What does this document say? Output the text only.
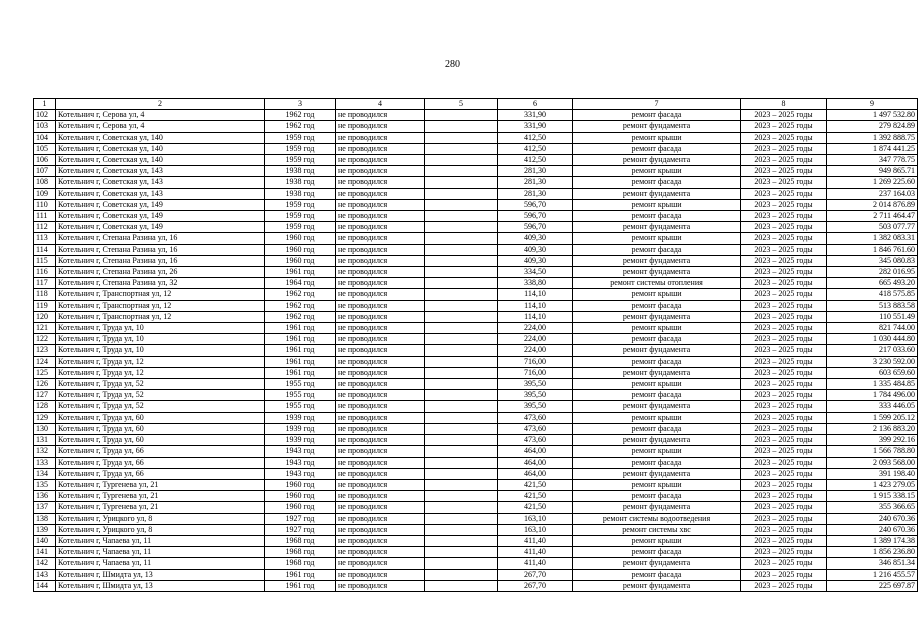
280
1	2	3	4	5	6	7	8	9
102	Котельнич г, Серова ул, 4	1962 год	не проводился		331,90	ремонт фасада	2023 – 2025 годы	1 497 532.80
103	Котельнич г, Серова ул, 4	1962 год	не проводился		331,90	ремонт фундамента	2023 – 2025 годы	279 824.89
104	Котельнич г, Советская ул, 140	1959 год	не проводился		412,50	ремонт крыши	2023 – 2025 годы	1 392 888.75
105	Котельнич г, Советская ул, 140	1959 год	не проводился		412,50	ремонт фасада	2023 – 2025 годы	1 874 441.25
106	Котельнич г, Советская ул, 140	1959 год	не проводился		412,50	ремонт фундамента	2023 – 2025 годы	347 778.75
107	Котельнич г, Советская ул, 143	1938 год	не проводился		281,30	ремонт крыши	2023 – 2025 годы	949 865.71
108	Котельнич г, Советская ул, 143	1938 год	не проводился		281,30	ремонт фасада	2023 – 2025 годы	1 269 225.60
109	Котельнич г, Советская ул, 143	1938 год	не проводился		281,30	ремонт фундамента	2023 – 2025 годы	237 164.03
110	Котельнич г, Советская ул, 149	1959 год	не проводился		596,70	ремонт крыши	2023 – 2025 годы	2 014 876.89
111	Котельнич г, Советская ул, 149	1959 год	не проводился		596,70	ремонт фасада	2023 – 2025 годы	2 711 464.47
112	Котельнич г, Советская ул, 149	1959 год	не проводился		596,70	ремонт фундамента	2023 – 2025 годы	503 077.77
113	Котельнич г, Степана Разина ул, 16	1960 год	не проводился		409,30	ремонт крыши	2023 – 2025 годы	1 382 083.31
114	Котельнич г, Степана Разина ул, 16	1960 год	не проводился		409,30	ремонт фасада	2023 – 2025 годы	1 846 761.60
115	Котельнич г, Степана Разина ул, 16	1960 год	не проводился		409,30	ремонт фундамента	2023 – 2025 годы	345 080.83
116	Котельнич г, Степана Разина ул, 26	1961 год	не проводился		334,50	ремонт фундамента	2023 – 2025 годы	282 016.95
117	Котельнич г, Степана Разина ул, 32	1964 год	не проводился		338,80	ремонт системы отопления	2023 – 2025 годы	665 493.20
118	Котельнич г, Транспортная ул, 12	1962 год	не проводился		114,10	ремонт крыши	2023 – 2025 годы	418 575.85
119	Котельнич г, Транспортная ул, 12	1962 год	не проводился		114,10	ремонт фасада	2023 – 2025 годы	513 883.58
120	Котельнич г, Транспортная ул, 12	1962 год	не проводился		114,10	ремонт фундамента	2023 – 2025 годы	110 551.49
121	Котельнич г, Труда ул, 10	1961 год	не проводился		224,00	ремонт крыши	2023 – 2025 годы	821 744.00
122	Котельнич г, Труда ул, 10	1961 год	не проводился		224,00	ремонт фасада	2023 – 2025 годы	1 030 444.80
123	Котельнич г, Труда ул, 10	1961 год	не проводился		224,00	ремонт фундамента	2023 – 2025 годы	217 033.60
124	Котельнич г, Труда ул, 12	1961 год	не проводился		716,00	ремонт фасада	2023 – 2025 годы	3 230 592.00
125	Котельнич г, Труда ул, 12	1961 год	не проводился		716,00	ремонт фундамента	2023 – 2025 годы	603 659.60
126	Котельнич г, Труда ул, 52	1955 год	не проводился		395,50	ремонт крыши	2023 – 2025 годы	1 335 484.85
127	Котельнич г, Труда ул, 52	1955 год	не проводился		395,50	ремонт фасада	2023 – 2025 годы	1 784 496.00
128	Котельнич г, Труда ул, 52	1955 год	не проводился		395,50	ремонт фундамента	2023 – 2025 годы	333 446.05
129	Котельнич г, Труда ул, 60	1939 год	не проводился		473,60	ремонт крыши	2023 – 2025 годы	1 599 205.12
130	Котельнич г, Труда ул, 60	1939 год	не проводился		473,60	ремонт фасада	2023 – 2025 годы	2 136 883.20
131	Котельнич г, Труда ул, 60	1939 год	не проводился		473,60	ремонт фундамента	2023 – 2025 годы	399 292.16
132	Котельнич г, Труда ул, 66	1943 год	не проводился		464,00	ремонт крыши	2023 – 2025 годы	1 566 788.80
133	Котельнич г, Труда ул, 66	1943 год	не проводился		464,00	ремонт фасада	2023 – 2025 годы	2 093 568.00
134	Котельнич г, Труда ул, 66	1943 год	не проводился		464,00	ремонт фундамента	2023 – 2025 годы	391 198.40
135	Котельнич г, Тургенева ул, 21	1960 год	не проводился		421,50	ремонт крыши	2023 – 2025 годы	1 423 279.05
136	Котельнич г, Тургенева ул, 21	1960 год	не проводился		421,50	ремонт фасада	2023 – 2025 годы	1 915 338.15
137	Котельнич г, Тургенева ул, 21	1960 год	не проводился		421,50	ремонт фундамента	2023 – 2025 годы	355 366.65
138	Котельнич г, Урицкого ул, 8	1927 год	не проводился		163,10	ремонт системы водоотведения	2023 – 2025 годы	240 670.36
139	Котельнич г, Урицкого ул, 8	1927 год	не проводился		163,10	ремонт системы хвс	2023 – 2025 годы	240 670.36
140	Котельнич г, Чапаева ул, 11	1968 год	не проводился		411,40	ремонт крыши	2023 – 2025 годы	1 389 174.38
141	Котельнич г, Чапаева ул, 11	1968 год	не проводился		411,40	ремонт фасада	2023 – 2025 годы	1 856 236.80
142	Котельнич г, Чапаева ул, 11	1968 год	не проводился		411,40	ремонт фундамента	2023 – 2025 годы	346 851.34
143	Котельнич г, Шмидта ул, 13	1961 год	не проводился		267,70	ремонт фасада	2023 – 2025 годы	1 216 455.57
144	Котельнич г, Шмидта ул, 13	1961 год	не проводился		267,70	ремонт фундамента	2023 – 2025 годы	225 697.87
